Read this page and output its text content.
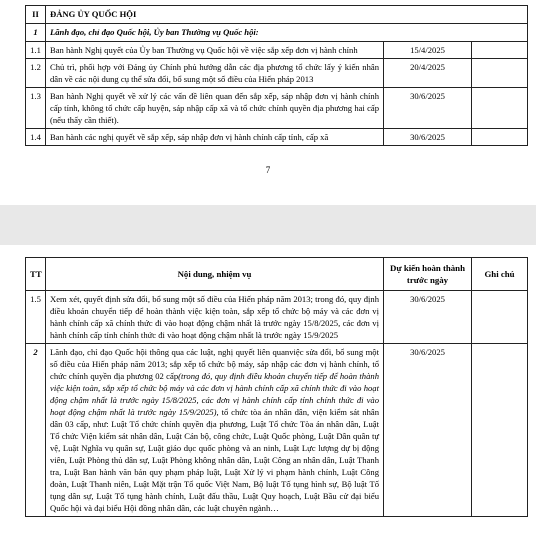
II	ĐẢNG ỦY QUỐC HỘI		
1	Lãnh đạo, chỉ đạo Quốc hội, Ủy ban Thường vụ Quốc hội:		
1.1	Ban hành Nghị quyết của Ủy ban Thường vụ Quốc hội về việc sắp xếp đơn vị hành chính	15/4/2025	
1.2	Chủ trì, phối hợp với Đảng ủy Chính phủ hướng dẫn các địa phương tổ chức lấy ý kiến nhân dân về các nội dung cụ thể sửa đổi, bổ sung một số điều của Hiến pháp 2013	20/4/2025	
1.3	Ban hành Nghị quyết về xử lý các vấn đề liên quan đến sắp xếp, sáp nhập đơn vị hành chính cấp tỉnh, không tổ chức cấp huyện, sáp nhập cấp xã và tổ chức chính quyền địa phương hai cấp (nếu thấy cần thiết).	30/6/2025	
1.4	Ban hành các nghị quyết về sắp xếp, sáp nhập đơn vị hành chính cấp tỉnh, cấp xã	30/6/2025	
7
TT	Nội dung, nhiệm vụ	Dự kiến hoàn thành trước ngày	Ghi chú
1.5	Xem xét, quyết định sửa đổi, bổ sung một số điều của Hiến pháp năm 2013; trong đó, quy định điều khoản chuyển tiếp để hoàn thành việc kiện toàn, sắp xếp tổ chức bộ máy và các đơn vị hành chính cấp xã chính thức đi vào hoạt động chậm nhất là trước ngày 15/8/2025, các đơn vị hành chính cấp tỉnh chính thức đi vào hoạt động chậm nhất là trước ngày 15/9/2025	30/6/2025	
2	Lãnh đạo, chỉ đạo Quốc hội thông qua các luật, nghị quyết liên quanviệc sửa đổi, bổ sung một số điều của Hiến pháp năm 2013; sắp xếp tổ chức bộ máy, sáp nhập các đơn vị hành chính, tổ chức chính quyền địa phương 02 cấp(trong đó, quy định điều khoản chuyển tiếp để hoàn thành việc kiện toàn, sắp xếp tổ chức bộ máy và các đơn vị hành chính cấp xã chính thức đi vào hoạt động chậm nhất là trước ngày 15/8/2025, các đơn vị hành chính cấp tỉnh chính thức đi vào hoạt động chậm nhất là trước ngày 15/9/2025), tổ chức tòa án nhân dân, viện kiểm sát nhân dân 03 cấp, như: Luật Tổ chức chính quyền địa phương, Luật Tổ chức Tòa án nhân dân, Luật Tổ chức Viện kiểm sát nhân dân, Luật Cán bộ, công chức, Luật Quốc phòng, Luật Dân quân tự vệ, Luật Nghĩa vụ quân sự, Luật giáo dục quốc phòng và an ninh, Luật Lực lượng dự bị động viên, Luật Phòng thủ dân sự, Luật Phòng không nhân dân, Luật Công an nhân dân, Luật Thanh tra, Luật Ban hành văn bản quy phạm pháp luật, Luật Xử lý vi phạm hành chính, Luật Công đoàn, Luật Thanh niên, Luật Mặt trận Tổ quốc Việt Nam, Bộ luật Tố tụng hình sự, Bộ luật Tố tụng dân sự, Luật Tố tụng hành chính, Luật đấu thầu, Luật Quy hoạch, Luật Bầu cử đại biểu Quốc hội và đại biểu Hội đồng nhân dân, các luật chuyên ngành…	30/6/2025	
